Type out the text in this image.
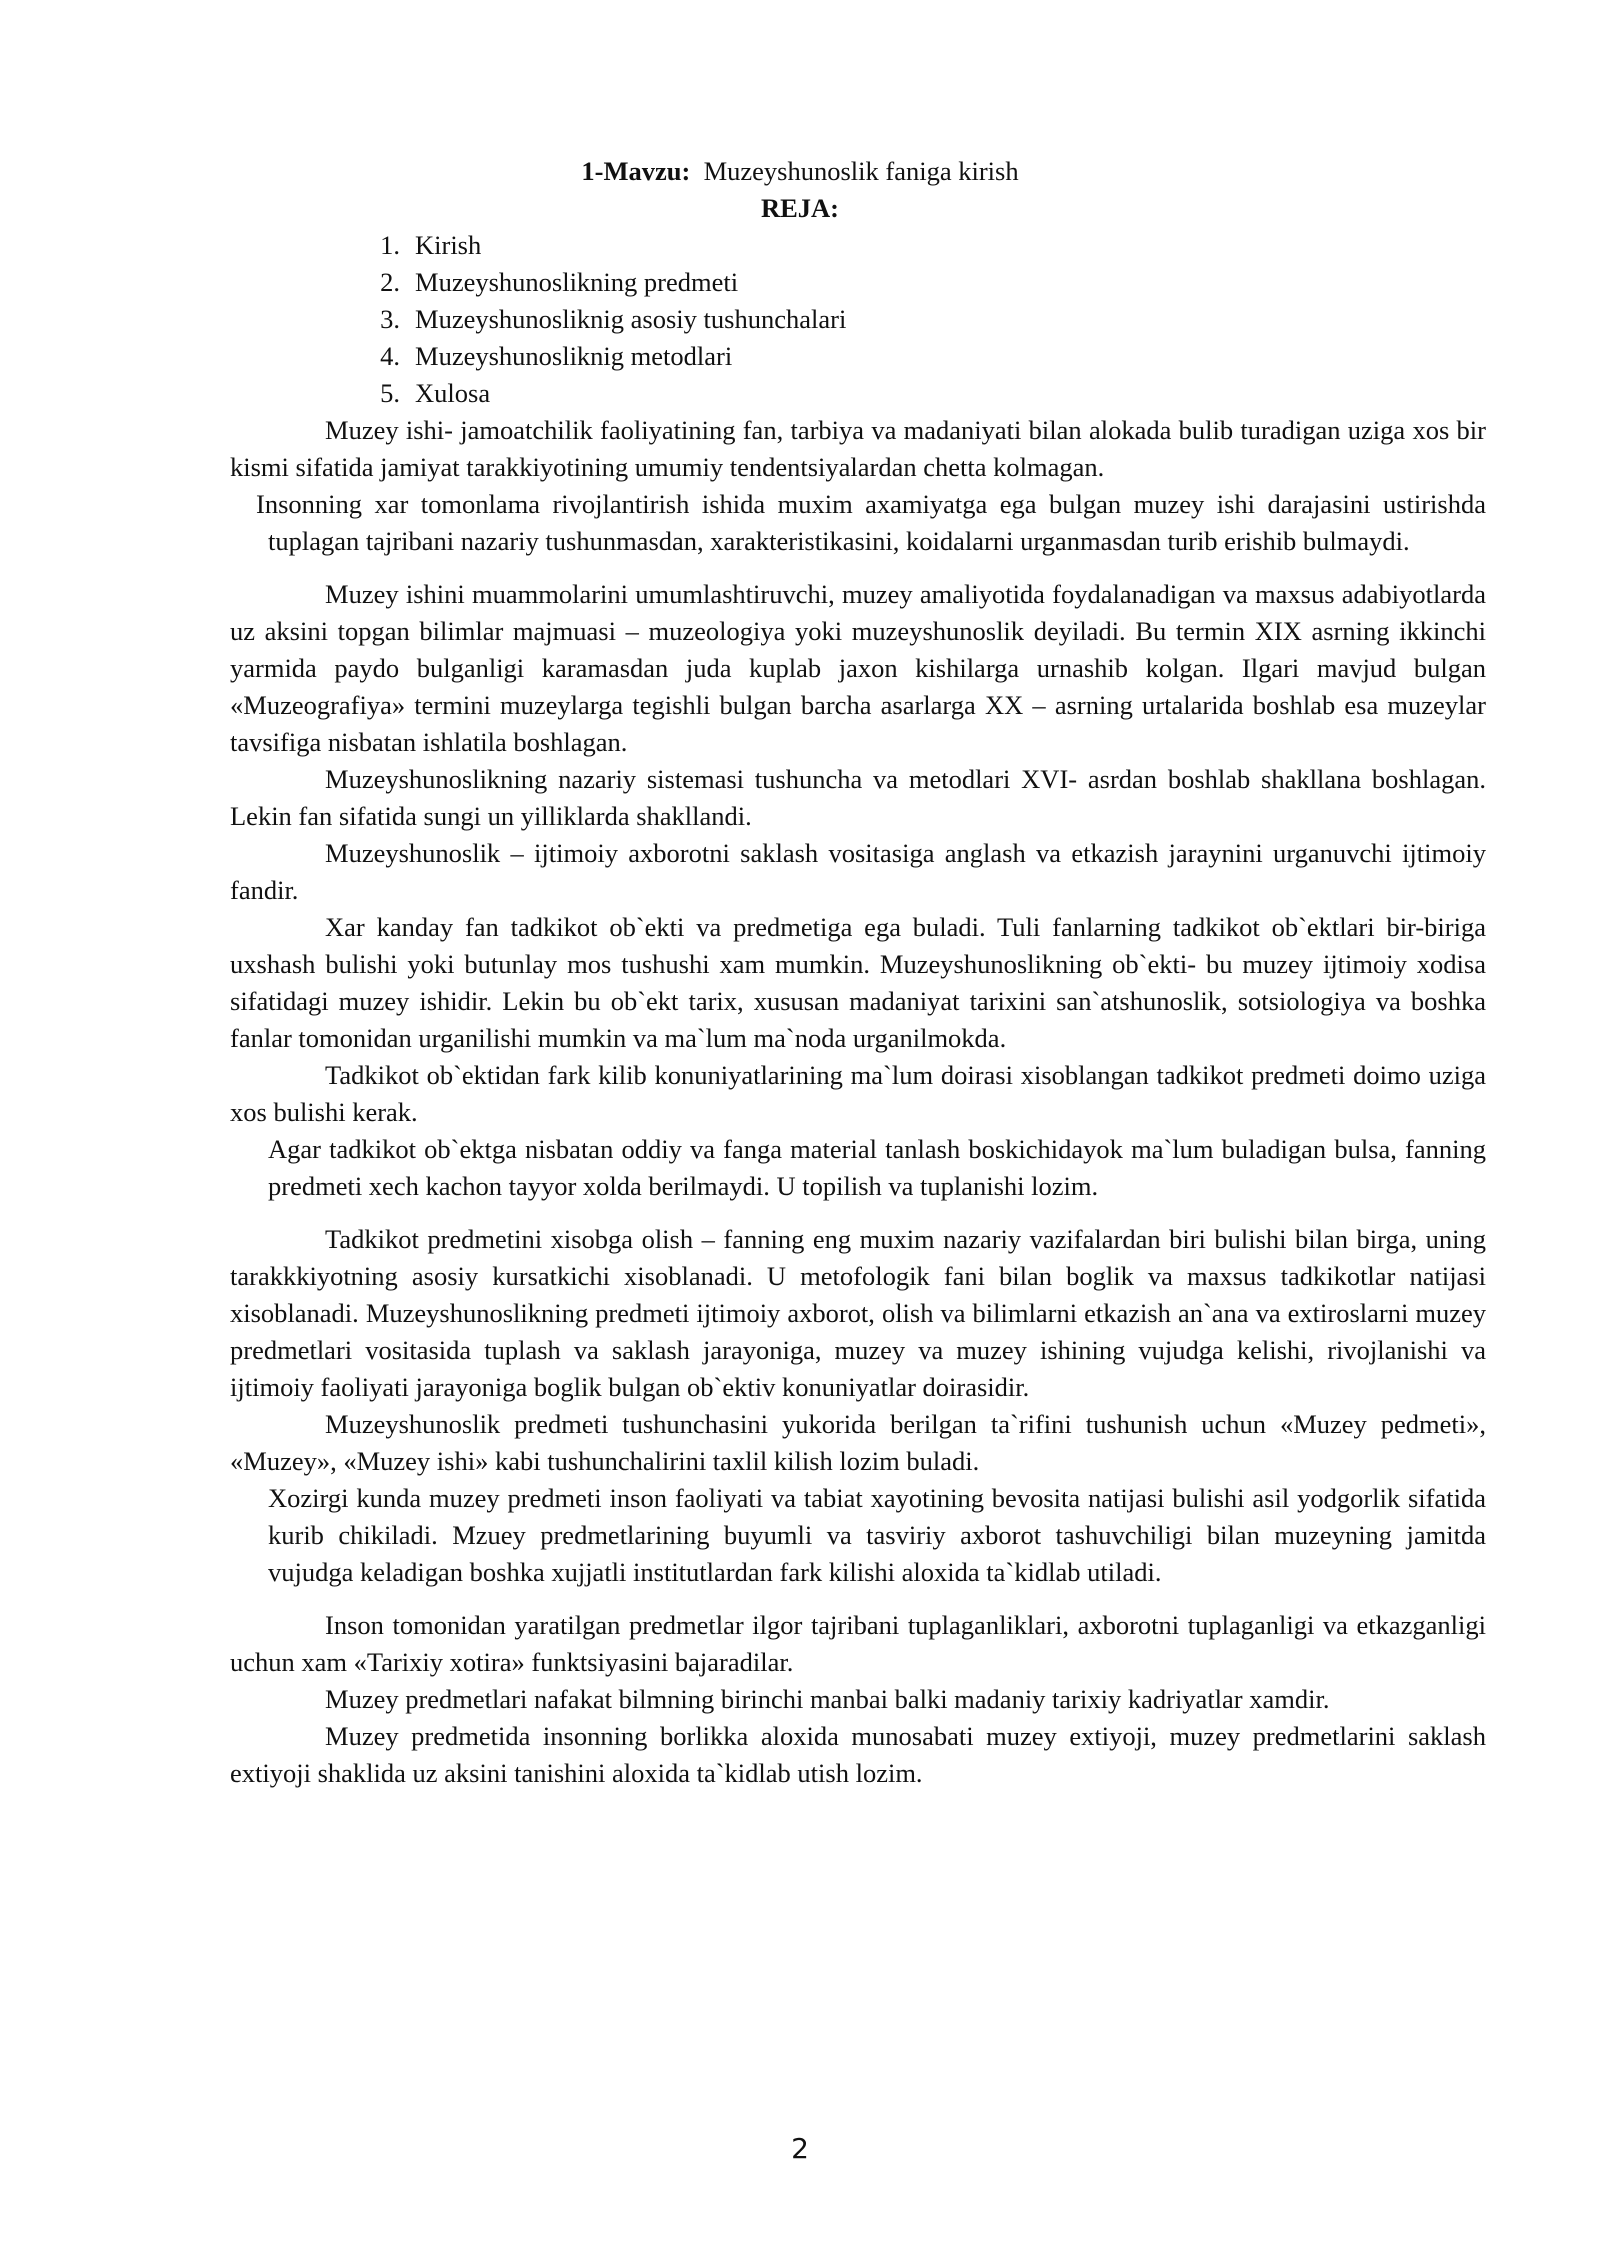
1-Mavzu: Muzeyshunoslik faniga kirish
REJA:
1. Kirish
2. Muzeyshunoslikning predmeti
3. Muzeyshunosliknig asosiy tushunchalari
4. Muzeyshunosliknig metodlari
5. Xulosa

Muzey ishi- jamoatchilik faoliyatining fan, tarbiya va madaniyati bilan alokada bulib turadigan uziga xos bir kismi sifatida jamiyat tarakkiyotining umumiy tendentsiyalardan chetta kolmagan.

Insonning xar tomonlama rivojlantirish ishida muxim axamiyatga ega bulgan muzey ishi darajasini ustirishda tuplagan tajribani nazariy tushunmasdan, xarakteristikasini, koidalarni urganmasdan turib erishib bulmaydi.

Muzey ishini muammolarini umumlashtiruvchi, muzey amaliyotida foydalanadigan va maxsus adabiyotlarda uz aksini topgan bilimlar majmuasi – muzeologiya yoki muzeyshunoslik deyiladi. Bu termin XIX asrning ikkinchi yarmida paydo bulganligi karamasdan juda kuplab jaxon kishilarga urnashib kolgan. Ilgari mavjud bulgan «Muzeografiya» termini muzeylarga tegishli bulgan barcha asarlarga XX – asrning urtalarida boshlab esa muzeylar tavsifiga nisbatan ishlatila boshlagan.

Muzeyshunoslikning nazariy sistemasi tushuncha va metodlari XVI- asrdan boshlab shakllana boshlagan. Lekin fan sifatida sungi un yilliklarda shakllandi.

Muzeyshunoslik – ijtimoiy axborotni saklash vositasiga anglash va etkazish jaraynini urganuvchi ijtimoiy fandir.

Xar kanday fan tadkikot ob`ekti va predmetiga ega buladi. Tuli fanlarning tadkikot ob`ektlari bir-biriga uxshash bulishi yoki butunlay mos tushushi xam mumkin. Muzeyshunoslikning ob`ekti- bu muzey ijtimoiy xodisa sifatidagi muzey ishidir. Lekin bu ob`ekt tarix, xususan madaniyat tarixini san`atshunoslik, sotsiologiya va boshka fanlar tomonidan urganilishi mumkin va ma`lum ma`noda urganilmokda.

Tadkikot ob`ektidan fark kilib konuniyatlarining ma`lum doirasi xisoblangan tadkikot predmeti doimo uziga xos bulishi kerak.

Agar tadkikot ob`ektga nisbatan oddiy va fanga material tanlash boskichidayok ma`lum buladigan bulsa, fanning predmeti xech kachon tayyor xolda berilmaydi. U topilish va tuplanishi lozim.

Tadkikot predmetini xisobga olish – fanning eng muxim nazariy vazifalardan biri bulishi bilan birga, uning tarakkkiyotning asosiy kursatkichi xisoblanadi. U metofologik fani bilan boglik va maxsus tadkikotlar natijasi xisoblanadi. Muzeyshunoslikning predmeti ijtimoiy axborot, olish va bilimlarni etkazish an`ana va extiroslarni muzey predmetlari vositasida tuplash va saklash jarayoniga, muzey va muzey ishining vujudga kelishi, rivojlanishi va ijtimoiy faoliyati jarayoniga boglik bulgan ob`ektiv konuniyatlar doirasidir.

Muzeyshunoslik predmeti tushunchasini yukorida berilgan ta`rifini tushunish uchun «Muzey pedmeti», «Muzey», «Muzey ishi» kabi tushunchalirini taxlil kilish lozim buladi.

Xozirgi kunda muzey predmeti inson faoliyati va tabiat xayotining bevosita natijasi bulishi asil yodgorlik sifatida kurib chikiladi. Mzuey predmetlarining buyumli va tasviriy axborot tashuvchiligi bilan muzeyning jamitda vujudga keladigan boshka xujjatli institutlardan fark kilishi aloxida ta`kidlab utiladi.

Inson tomonidan yaratilgan predmetlar ilgor tajribani tuplaganliklari, axborotni tuplaganligi va etkazganligi uchun xam «Tarixiy xotira» funktsiyasini bajaradilar.

Muzey predmetlari nafakat bilmning birinchi manbai balki madaniy tarixiy kadriyatlar xamdir.

Muzey predmetida insonning borlikka aloxida munosabati muzey extiyoji, muzey predmetlarini saklash extiyoji shaklida uz aksini tanishini aloxida ta`kidlab utish lozim.

2
